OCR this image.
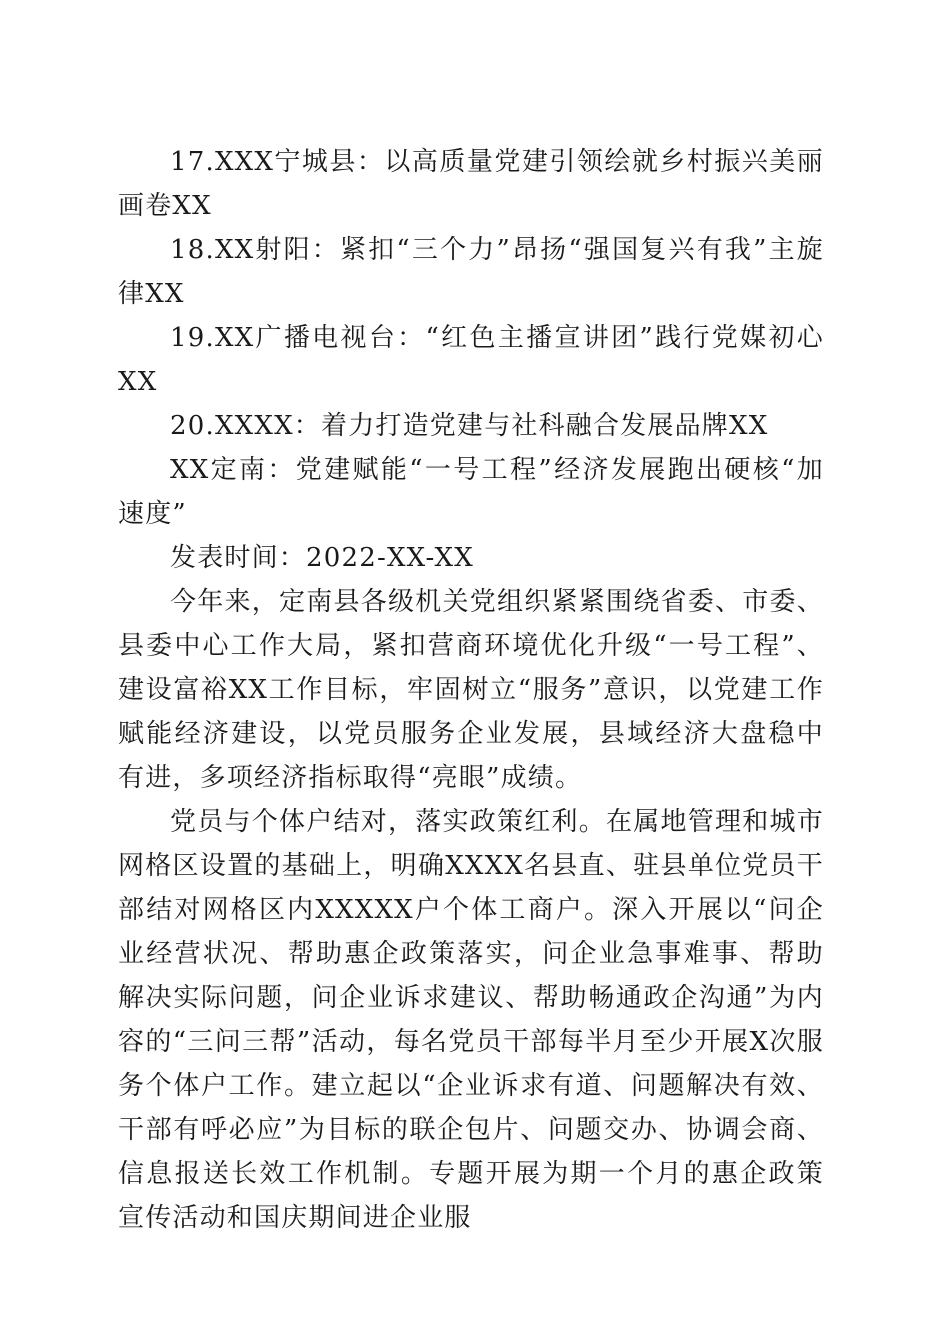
17.XXX宁城县：以高质量党建引领绘就乡村振兴美丽画卷XX

18.XX射阳：紧扣“三个力”昂扬“强国复兴有我”主旋律XX

19.XX广播电视台：“红色主播宣讲团”践行党媒初心XX

20.XXXX：着力打造党建与社科融合发展品牌XX

XX定南：党建赋能“一号工程”经济发展跑出硬核“加速度”

发表时间：2022-XX-XX

今年来，定南县各级机关党组织紧紧围绕省委、市委、县委中心工作大局，紧扣营商环境优化升级“一号工程”、建设富裕XX工作目标，牢固树立“服务”意识，以党建工作赋能经济建设，以党员服务企业发展，县域经济大盘稳中有进，多项经济指标取得“亮眼”成绩。

党员与个体户结对，落实政策红利。在属地管理和城市网格区设置的基础上，明确XXXX名县直、驻县单位党员干部结对网格区内XXXXX户个体工商户。深入开展以“问企业经营状况、帮助惠企政策落实，问企业急事难事、帮助解决实际问题，问企业诉求建议、帮助畅通政企沟通”为内容的“三问三帮”活动，每名党员干部每半月至少开展X次服务个体户工作。建立起以“企业诉求有道、问题解决有效、干部有呼必应”为目标的联企包片、问题交办、协调会商、信息报送长效工作机制。专题开展为期一个月的惠企政策宣传活动和国庆期间进企业服
